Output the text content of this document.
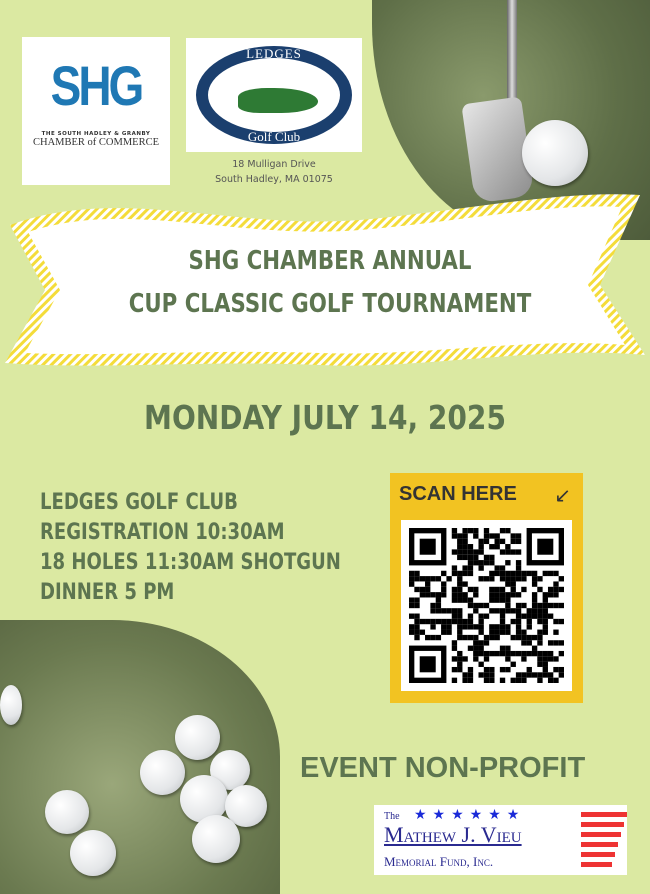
SHG
THE SOUTH HADLEY & GRANBY
CHAMBER of COMMERCE
LEDGES
Golf Club
18 Mulligan Drive
South Hadley, MA 01075
SHG CHAMBER ANNUAL
CUP CLASSIC GOLF TOURNAMENT
MONDAY JULY 14, 2025
LEDGES GOLF CLUB
REGISTRATION 10:30AM
18 HOLES 11:30AM SHOTGUN
DINNER 5 PM
SCAN HERE ↙
EVENT NON-PROFIT
The ★★★★★★
Mathew J. Vieu
Memorial Fund, Inc.
